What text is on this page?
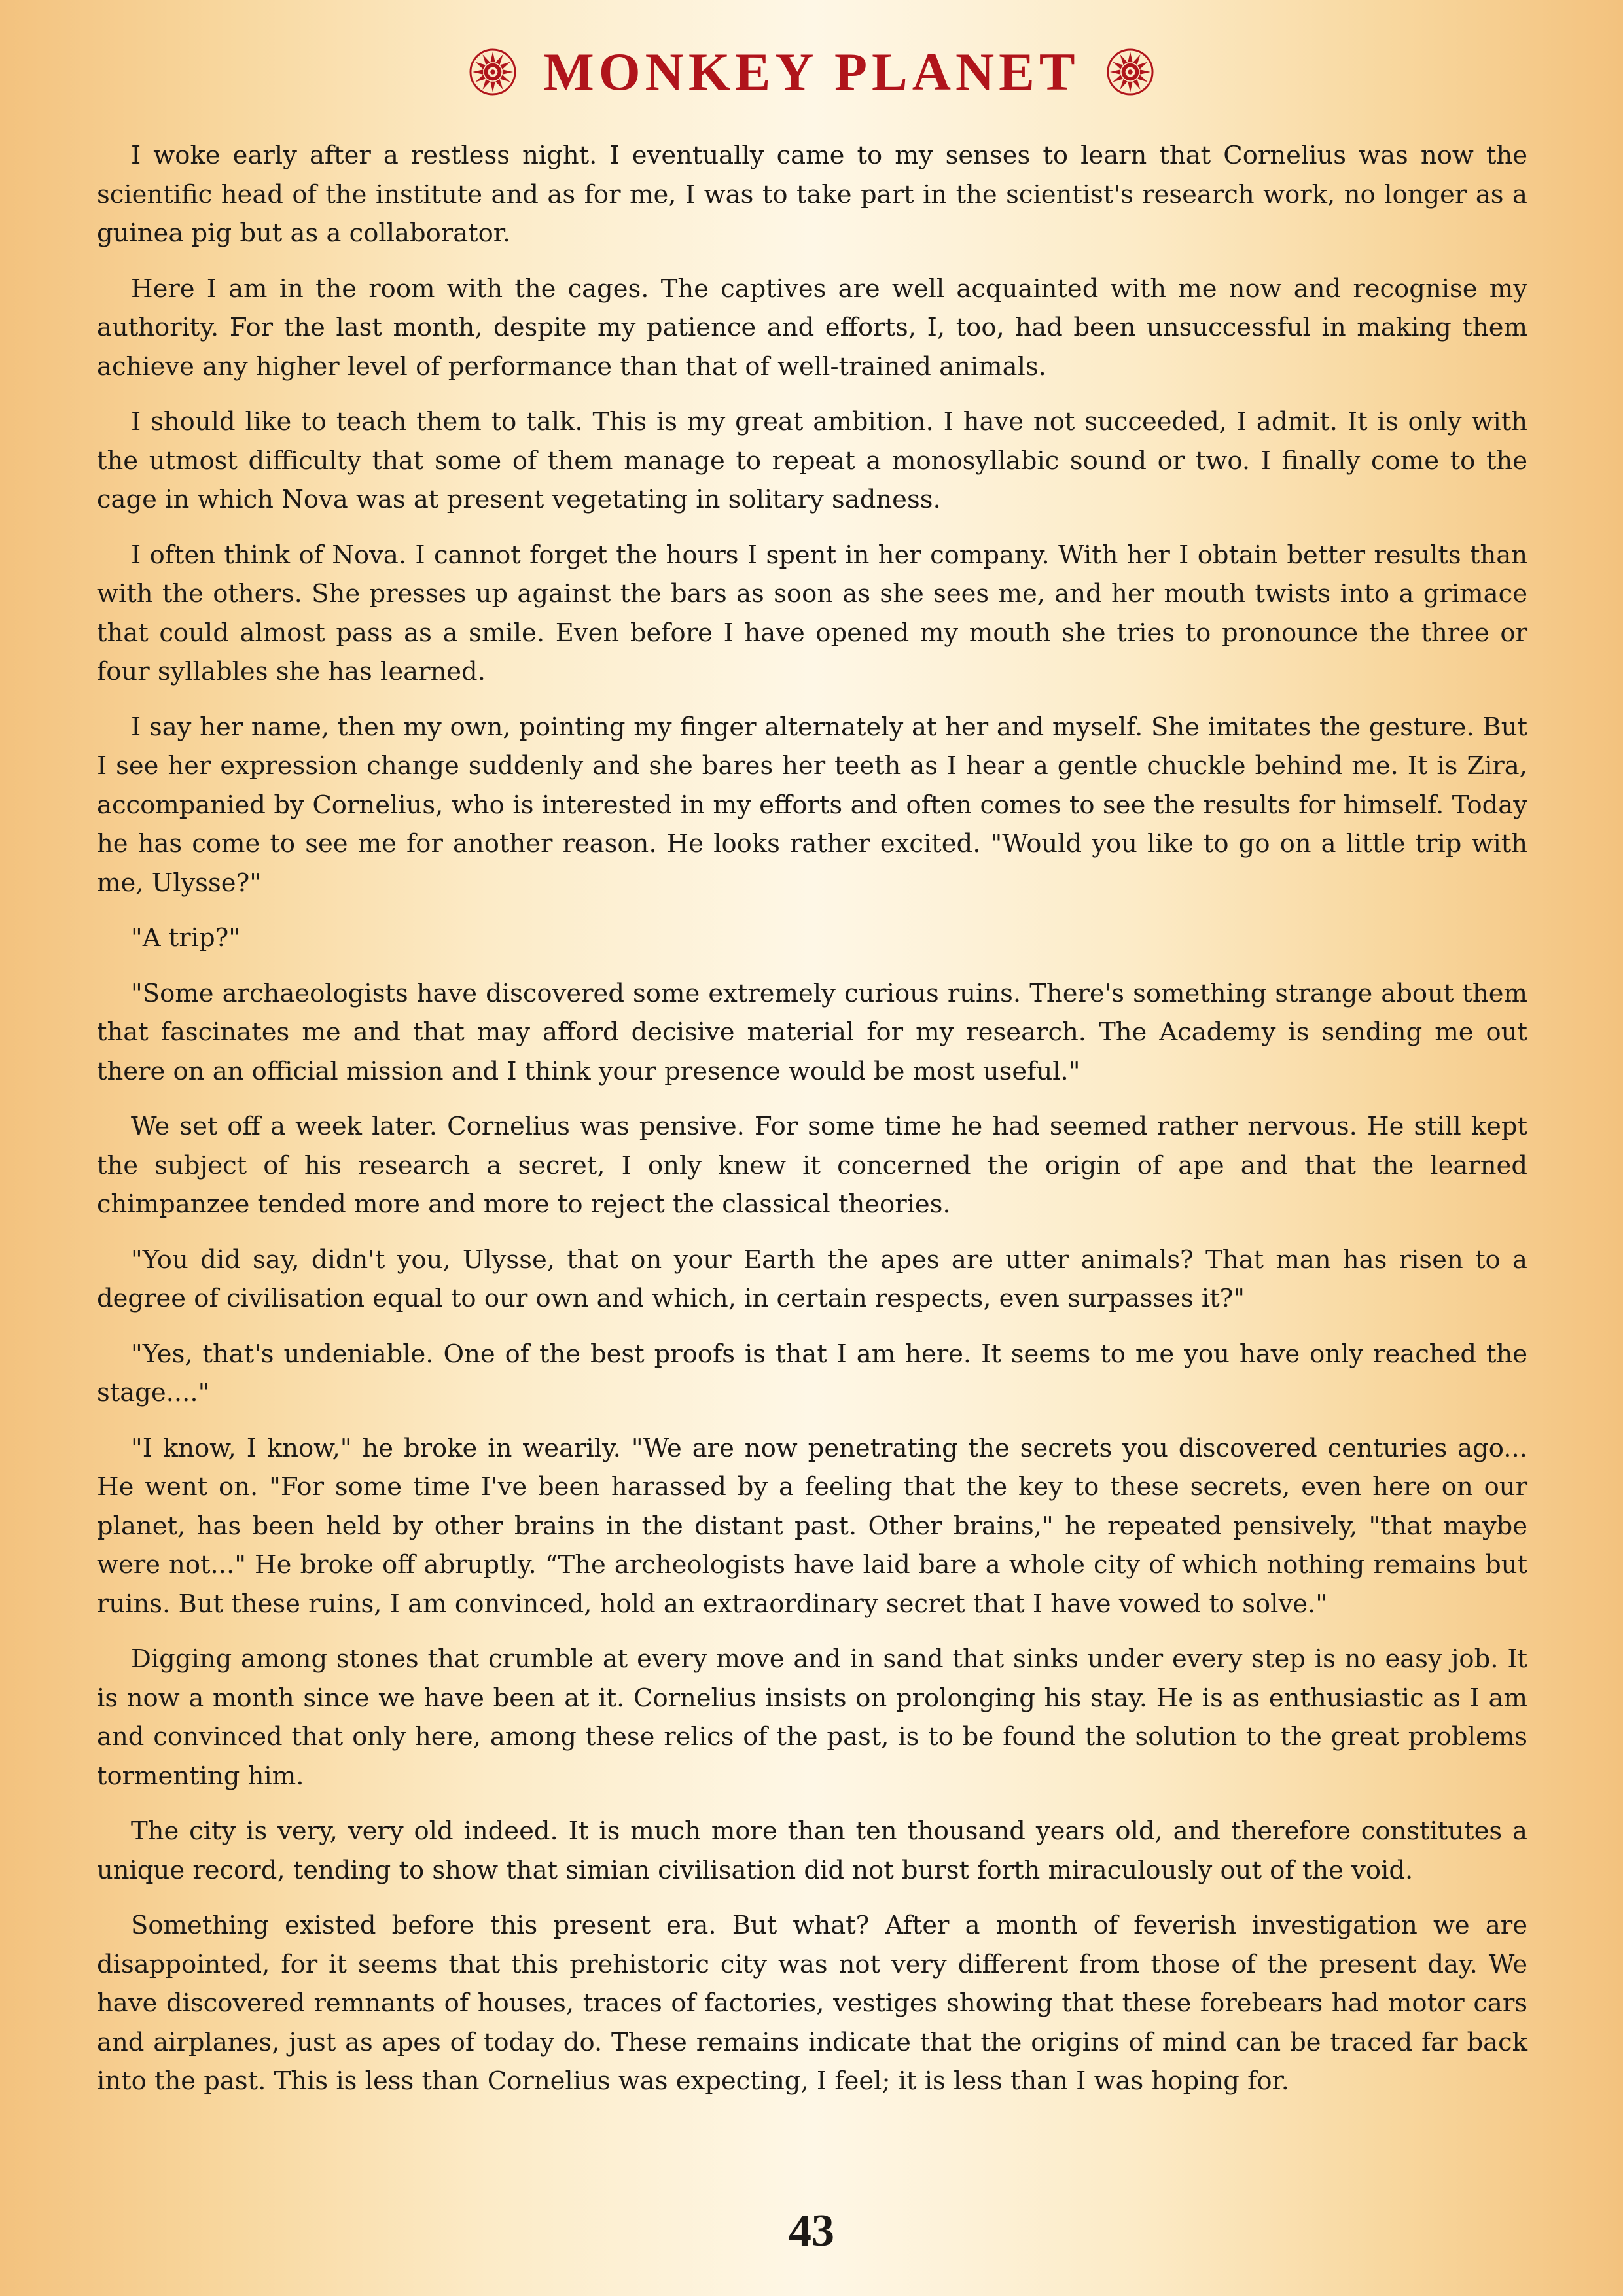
MONKEY PLANET

I woke early after a restless night. I eventually came to my senses to learn that Cornelius was now the scientific head of the institute and as for me, I was to take part in the scientist's research work, no longer as a guinea pig but as a collaborator.

Here I am in the room with the cages. The captives are well acquainted with me now and recognise my authority. For the last month, despite my patience and efforts, I, too, had been unsuccessful in making them achieve any higher level of performance than that of well-trained animals.

I should like to teach them to talk. This is my great ambition. I have not succeeded, I admit. It is only with the utmost difficulty that some of them manage to repeat a monosyllabic sound or two. I finally come to the cage in which Nova was at present vegetating in solitary sadness.

I often think of Nova. I cannot forget the hours I spent in her company. With her I obtain better results than with the others. She presses up against the bars as soon as she sees me, and her mouth twists into a grimace that could almost pass as a smile. Even before I have opened my mouth she tries to pronounce the three or four syllables she has learned.

I say her name, then my own, pointing my finger alternately at her and myself. She imitates the gesture. But I see her expression change suddenly and she bares her teeth as I hear a gentle chuckle behind me. It is Zira, accompanied by Cornelius, who is interested in my efforts and often comes to see the results for himself. Today he has come to see me for another reason. He looks rather excited. "Would you like to go on a little trip with me, Ulysse?"

"A trip?"

"Some archaeologists have discovered some extremely curious ruins. There's something strange about them that fascinates me and that may afford decisive material for my research. The Academy is sending me out there on an official mission and I think your presence would be most useful."

We set off a week later. Cornelius was pensive. For some time he had seemed rather nervous. He still kept the subject of his research a secret, I only knew it concerned the origin of ape and that the learned chimpanzee tended more and more to reject the classical theories.

"You did say, didn't you, Ulysse, that on your Earth the apes are utter animals? That man has risen to a degree of civilisation equal to our own and which, in certain respects, even surpasses it?"

"Yes, that's undeniable. One of the best proofs is that I am here. It seems to me you have only reached the stage...."

"I know, I know," he broke in wearily. "We are now penetrating the secrets you discovered centuries ago... He went on. "For some time I've been harassed by a feeling that the key to these secrets, even here on our planet, has been held by other brains in the distant past. Other brains," he repeated pensively, "that maybe were not..." He broke off abruptly. “The archeologists have laid bare a whole city of which nothing remains but ruins. But these ruins, I am convinced, hold an extraordinary secret that I have vowed to solve."

Digging among stones that crumble at every move and in sand that sinks under every step is no easy job. It is now a month since we have been at it. Cornelius insists on prolonging his stay. He is as enthusiastic as I am and convinced that only here, among these relics of the past, is to be found the solution to the great problems tormenting him.

The city is very, very old indeed. It is much more than ten thousand years old, and therefore constitutes a unique record, tending to show that simian civilisation did not burst forth miraculously out of the void.

Something existed before this present era. But what? After a month of feverish investigation we are disappointed, for it seems that this prehistoric city was not very different from those of the present day. We have discovered remnants of houses, traces of factories, vestiges showing that these forebears had motor cars and airplanes, just as apes of today do. These remains indicate that the origins of mind can be traced far back into the past. This is less than Cornelius was expecting, I feel; it is less than I was hoping for.

43
